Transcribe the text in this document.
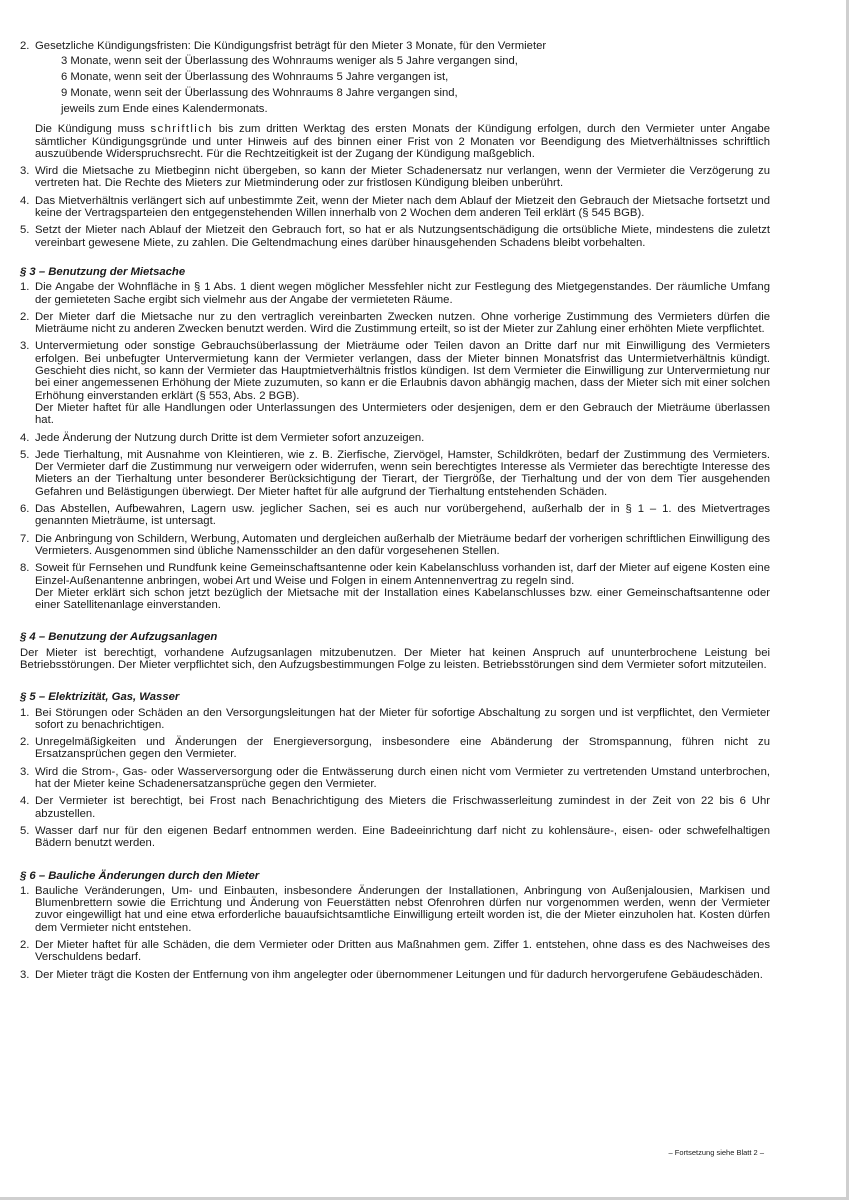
2. Gesetzliche Kündigungsfristen: Die Kündigungsfrist beträgt für den Mieter 3 Monate, für den Vermieter

3 Monate, wenn seit der Überlassung des Wohnraums weniger als 5 Jahre vergangen sind,

6 Monate, wenn seit der Überlassung des Wohnraums 5 Jahre vergangen ist,

9 Monate, wenn seit der Überlassung des Wohnraums 8 Jahre vergangen sind,

jeweils zum Ende eines Kalendermonats.

Die Kündigung muss schriftlich bis zum dritten Werktag des ersten Monats der Kündigung erfolgen, durch den Vermieter unter Angabe sämtlicher Kündigungsgründe und unter Hinweis auf des binnen einer Frist von 2 Monaten vor Beendigung des Mietverhältnisses schriftlich auszuübende Widerspruchsrecht. Für die Rechtzeitigkeit ist der Zugang der Kündigung maßgeblich.

3. Wird die Mietsache zu Mietbeginn nicht übergeben, so kann der Mieter Schadenersatz nur verlangen, wenn der Vermieter die Verzögerung zu vertreten hat. Die Rechte des Mieters zur Mietminderung oder zur fristlosen Kündigung bleiben unberührt.
4. Das Mietverhältnis verlängert sich auf unbestimmte Zeit, wenn der Mieter nach dem Ablauf der Mietzeit den Gebrauch der Mietsache fortsetzt und keine der Vertragsparteien den entgegenstehenden Willen innerhalb von 2 Wochen dem anderen Teil erklärt (§ 545 BGB).
5. Setzt der Mieter nach Ablauf der Mietzeit den Gebrauch fort, so hat er als Nutzungsentschädigung die ortsübliche Miete, mindestens die zuletzt vereinbart gewesene Miete, zu zahlen. Die Geltendmachung eines darüber hinausgehenden Schadens bleibt vorbehalten.
§ 3 – Benutzung der Mietsache
1. Die Angabe der Wohnfläche in § 1 Abs. 1 dient wegen möglicher Messfehler nicht zur Festlegung des Mietgegenstandes. Der räumliche Umfang der gemieteten Sache ergibt sich vielmehr aus der Angabe der vermieteten Räume.
2. Der Mieter darf die Mietsache nur zu den vertraglich vereinbarten Zwecken nutzen. Ohne vorherige Zustimmung des Vermieters dürfen die Mieträume nicht zu anderen Zwecken benutzt werden. Wird die Zustimmung erteilt, so ist der Mieter zur Zahlung einer erhöhten Miete verpflichtet.
3. Untervermietung oder sonstige Gebrauchsüberlassung der Mieträume oder Teilen davon an Dritte darf nur mit Einwilligung des Vermieters erfolgen. Bei unbefugter Untervermietung kann der Vermieter verlangen, dass der Mieter binnen Monatsfrist das Untermietverhältnis kündigt. Geschieht dies nicht, so kann der Vermieter das Hauptmietverhältnis fristlos kündigen. Ist dem Vermieter die Einwilligung zur Untervermietung nur bei einer angemessenen Erhöhung der Miete zuzumuten, so kann er die Erlaubnis davon abhängig machen, dass der Mieter sich mit einer solchen Erhöhung einverstanden erklärt (§ 553, Abs. 2 BGB).

Der Mieter haftet für alle Handlungen oder Unterlassungen des Untermieters oder desjenigen, dem er den Gebrauch der Mieträume überlassen hat.

4. Jede Änderung der Nutzung durch Dritte ist dem Vermieter sofort anzuzeigen.
5. Jede Tierhaltung, mit Ausnahme von Kleintieren, wie z. B. Zierfische, Ziervögel, Hamster, Schildkröten, bedarf der Zustimmung des Vermieters. Der Vermieter darf die Zustimmung nur verweigern oder widerrufen, wenn sein berechtigtes Interesse als Vermieter das berechtigte Interesse des Mieters an der Tierhaltung unter besonderer Berücksichtigung der Tierart, der Tiergröße, der Tierhaltung und der von dem Tier ausgehenden Gefahren und Belästigungen überwiegt. Der Mieter haftet für alle aufgrund der Tierhaltung entstehenden Schäden.
6. Das Abstellen, Aufbewahren, Lagern usw. jeglicher Sachen, sei es auch nur vorübergehend, außerhalb der in § 1 – 1. des Mietvertrages genannten Mieträume, ist untersagt.
7. Die Anbringung von Schildern, Werbung, Automaten und dergleichen außerhalb der Mieträume bedarf der vorherigen schriftlichen Einwilligung des Vermieters. Ausgenommen sind übliche Namensschilder an den dafür vorgesehenen Stellen.
8. Soweit für Fernsehen und Rundfunk keine Gemeinschaftsantenne oder kein Kabelanschluss vorhanden ist, darf der Mieter auf eigene Kosten eine Einzel-Außenantenne anbringen, wobei Art und Weise und Folgen in einem Antennenvertrag zu regeln sind.

Der Mieter erklärt sich schon jetzt bezüglich der Mietsache mit der Installation eines Kabelanschlusses bzw. einer Gemeinschaftsantenne oder einer Satellitenanlage einverstanden.

§ 4 – Benutzung der Aufzugsanlagen

Der Mieter ist berechtigt, vorhandene Aufzugsanlagen mitzubenutzen. Der Mieter hat keinen Anspruch auf ununterbrochene Leistung bei Betriebsstörungen. Der Mieter verpflichtet sich, den Aufzugsbestimmungen Folge zu leisten. Betriebsstörungen sind dem Vermieter sofort mitzuteilen.

§ 5 – Elektrizität, Gas, Wasser
1. Bei Störungen oder Schäden an den Versorgungsleitungen hat der Mieter für sofortige Abschaltung zu sorgen und ist verpflichtet, den Vermieter sofort zu benachrichtigen.
2. Unregelmäßigkeiten und Änderungen der Energieversorgung, insbesondere eine Abänderung der Stromspannung, führen nicht zu Ersatzansprüchen gegen den Vermieter.
3. Wird die Strom-, Gas- oder Wasserversorgung oder die Entwässerung durch einen nicht vom Vermieter zu vertretenden Umstand unterbrochen, hat der Mieter keine Schadenersatzansprüche gegen den Vermieter.
4. Der Vermieter ist berechtigt, bei Frost nach Benachrichtigung des Mieters die Frischwasserleitung zumindest in der Zeit von 22 bis 6 Uhr abzustellen.
5. Wasser darf nur für den eigenen Bedarf entnommen werden. Eine Badeeinrichtung darf nicht zu kohlensäure-, eisen- oder schwefelhaltigen Bädern benutzt werden.
§ 6 – Bauliche Änderungen durch den Mieter
1. Bauliche Veränderungen, Um- und Einbauten, insbesondere Änderungen der Installationen, Anbringung von Außenjalousien, Markisen und Blumenbrettern sowie die Errichtung und Änderung von Feuerstätten nebst Ofenrohren dürfen nur vorgenommen werden, wenn der Vermieter zuvor eingewilligt hat und eine etwa erforderliche bauaufsichtsamtliche Einwilligung erteilt worden ist, die der Mieter einzuholen hat. Kosten dürfen dem Vermieter nicht entstehen.
2. Der Mieter haftet für alle Schäden, die dem Vermieter oder Dritten aus Maßnahmen gem. Ziffer 1. entstehen, ohne dass es des Nachweises des Verschuldens bedarf.
3. Der Mieter trägt die Kosten der Entfernung von ihm angelegter oder übernommener Leitungen und für dadurch hervorgerufene Gebäudeschäden.
– Fortsetzung siehe Blatt 2 –
